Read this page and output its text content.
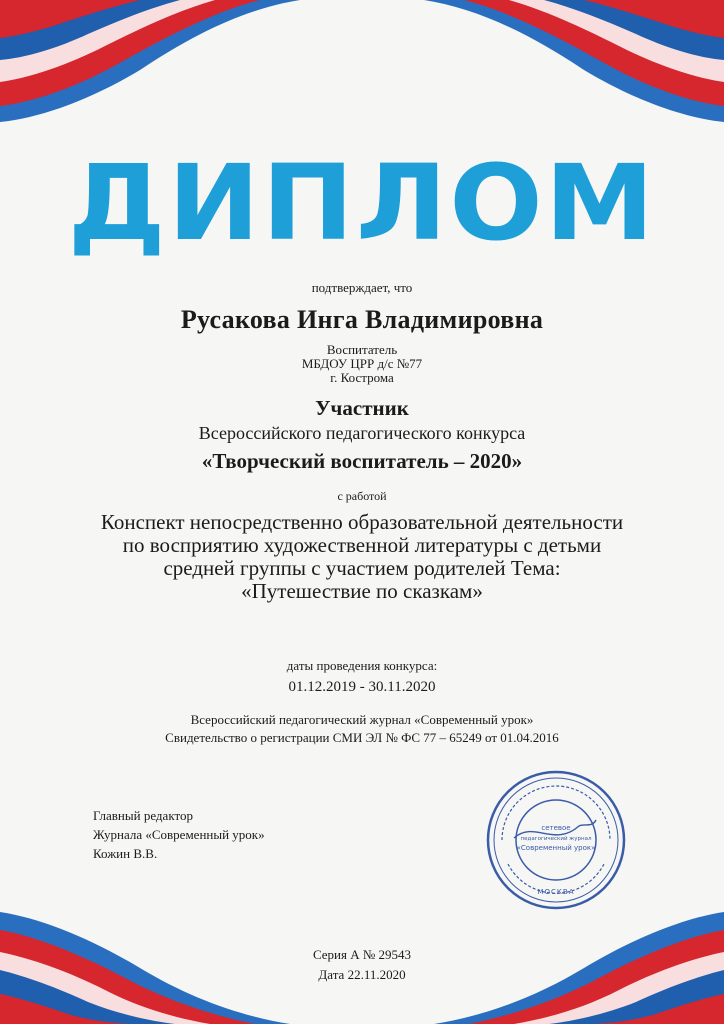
ДИПЛОМ
подтверждает, что
Русакова Инга Владимировна
Воспитатель
МБДОУ ЦРР д/с №77
г. Кострома
Участник
Всероссийского педагогического конкурса
«Творческий воспитатель – 2020»
с работой
Конспект непосредственно образовательной деятельности по восприятию художественной литературы с детьми средней группы с участием родителей Тема: «Путешествие по сказкам»
даты проведения конкурса:
01.12.2019 - 30.11.2020
Всероссийский педагогический журнал «Современный урок»
Свидетельство о регистрации СМИ ЭЛ № ФС 77 – 65249 от 01.04.2016
Главный редактор
Журнала «Современный урок»
Кожин В.В.
сетевое
педагогический журнал
«Современный урок»
МОСКВА
Серия А № 29543
Дата 22.11.2020
